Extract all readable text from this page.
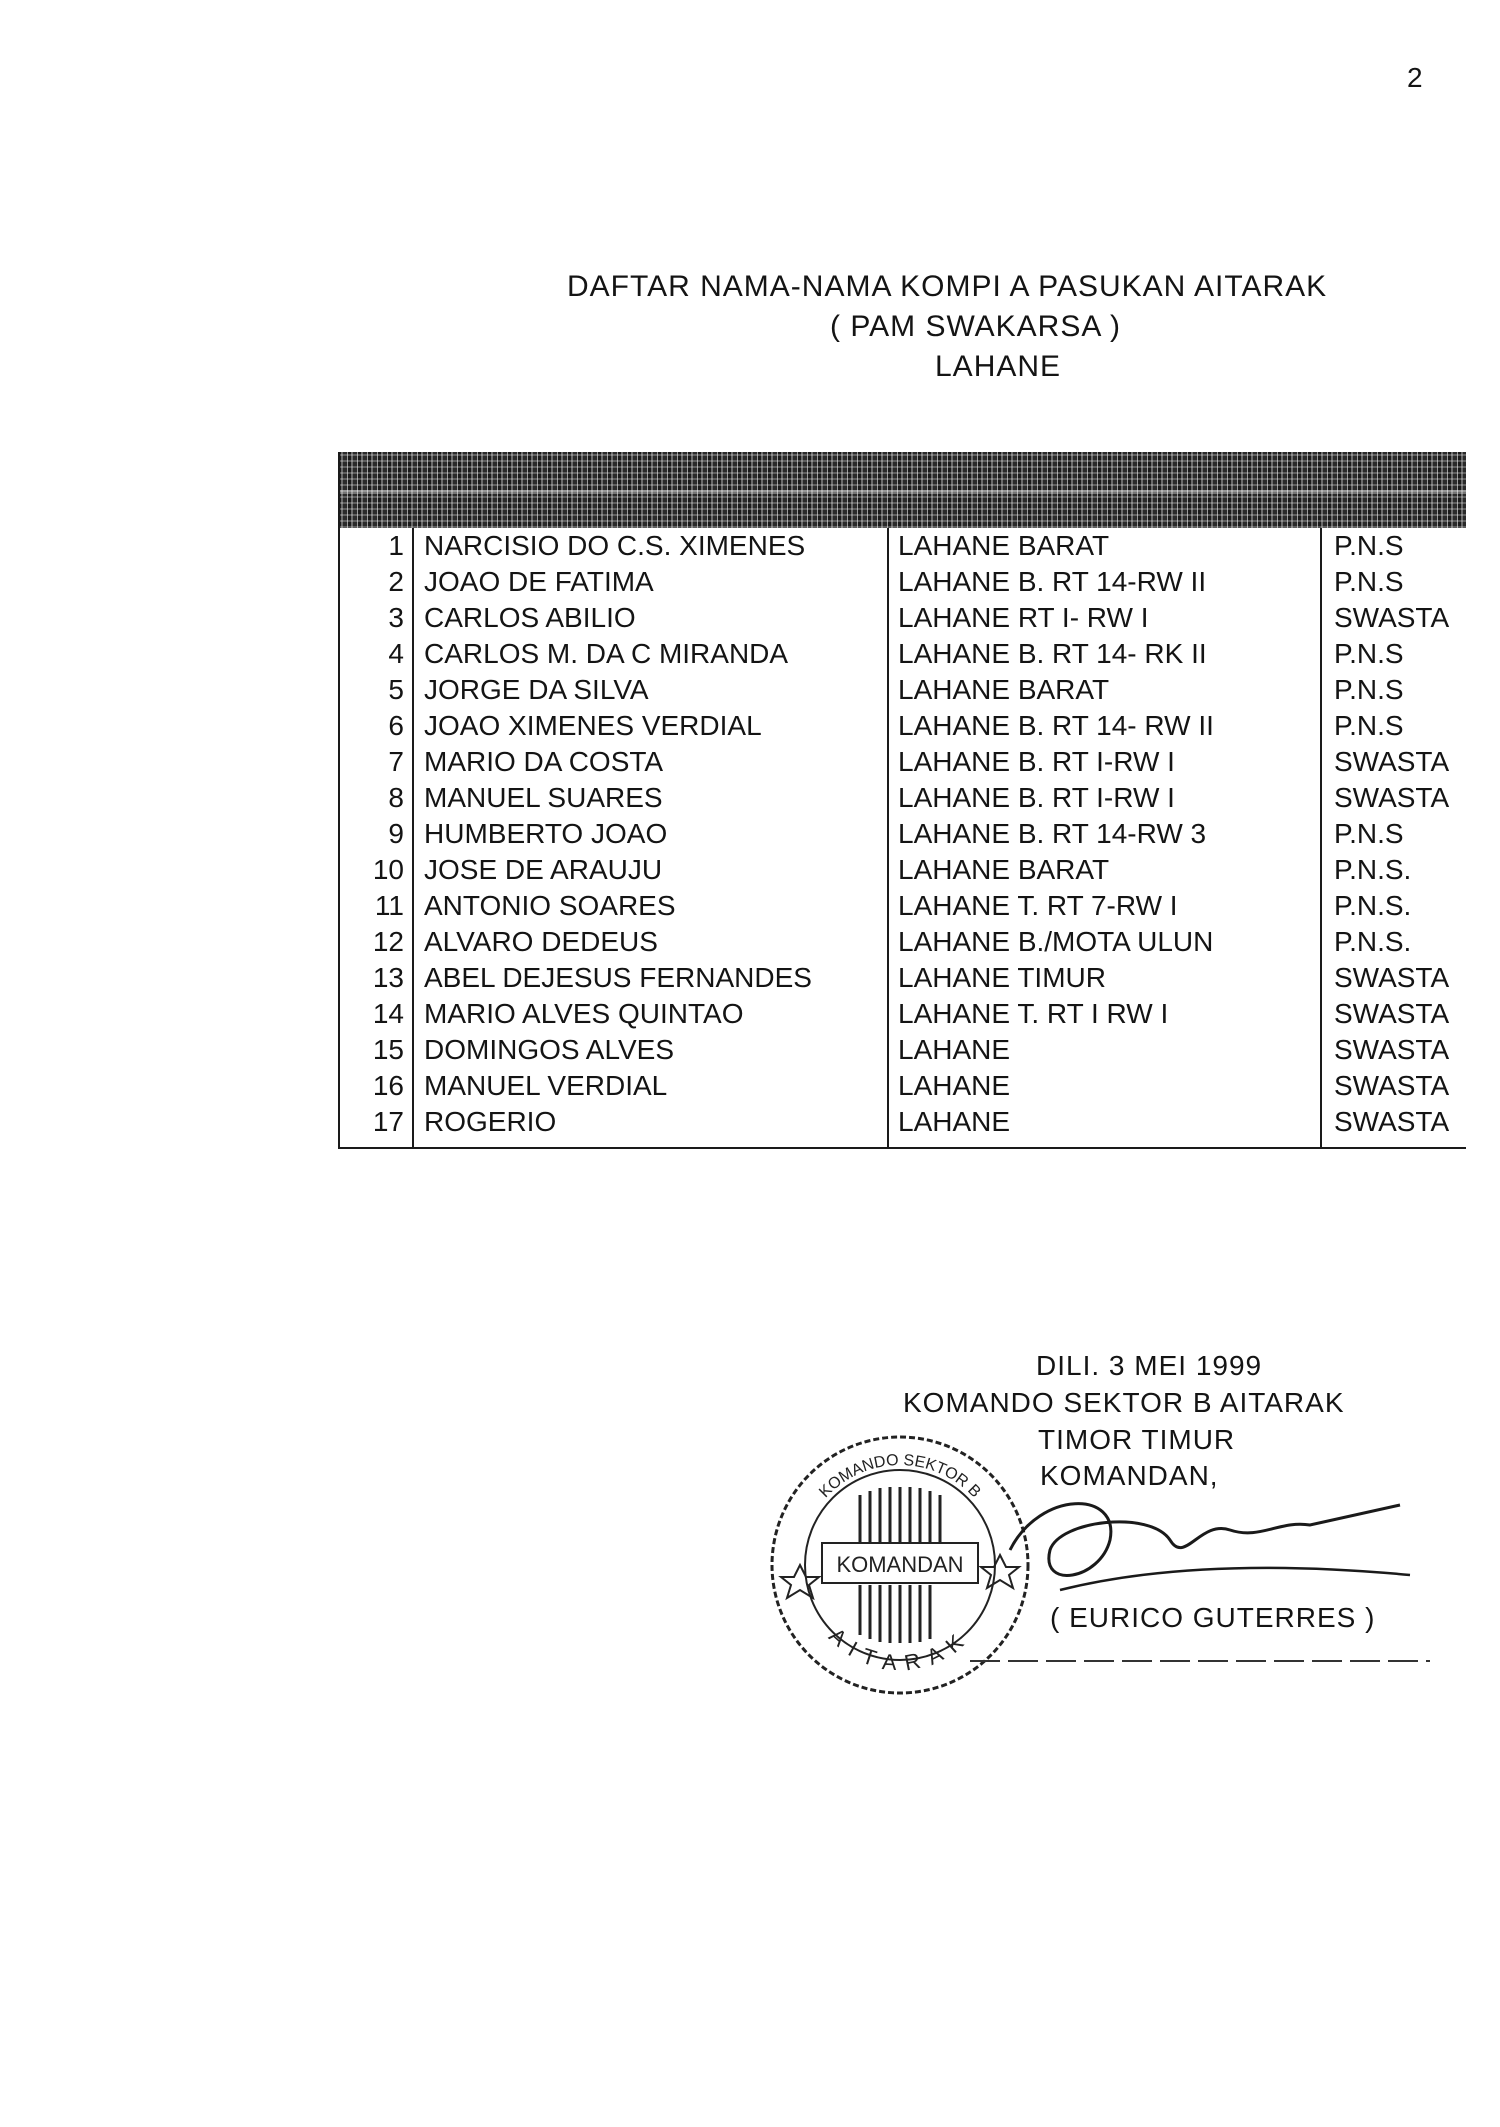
2
DAFTAR NAMA-NAMA KOMPI A PASUKAN AITARAK
( PAM SWAKARSA )
LAHANE
1 NARCISIO DO C.S. XIMENES	LAHANE BARAT	P.N.S
2 JOAO DE FATIMA	LAHANE B. RT 14-RW II	P.N.S
3 CARLOS ABILIO	LAHANE RT I- RW I	SWASTA
4 CARLOS M. DA C MIRANDA	LAHANE B. RT 14- RK II	P.N.S
5 JORGE DA SILVA	LAHANE BARAT	P.N.S
6 JOAO XIMENES VERDIAL	LAHANE B. RT 14- RW II	P.N.S
7 MARIO DA COSTA	LAHANE B. RT I-RW I	SWASTA
8 MANUEL SUARES	LAHANE B. RT I-RW I	SWASTA
9 HUMBERTO JOAO	LAHANE B. RT 14-RW 3	P.N.S
10 JOSE DE ARAUJU	LAHANE BARAT	P.N.S.
11 ANTONIO SOARES	LAHANE T. RT 7-RW I	P.N.S.
12 ALVARO DEDEUS	LAHANE B./MOTA ULUN	P.N.S.
13 ABEL DEJESUS FERNANDES	LAHANE TIMUR	SWASTA
14 MARIO ALVES QUINTAO	LAHANE T. RT I RW I	SWASTA
15 DOMINGOS ALVES	LAHANE	SWASTA
16 MANUEL VERDIAL	LAHANE	SWASTA
17 ROGERIO	LAHANE	SWASTA
DILI. 3 MEI 1999
KOMANDO SEKTOR B AITARAK
TIMOR TIMUR
KOMANDAN,
KOMANDAN
KOMANDO SEKTOR B
AITARAK
( EURICO GUTERRES )
